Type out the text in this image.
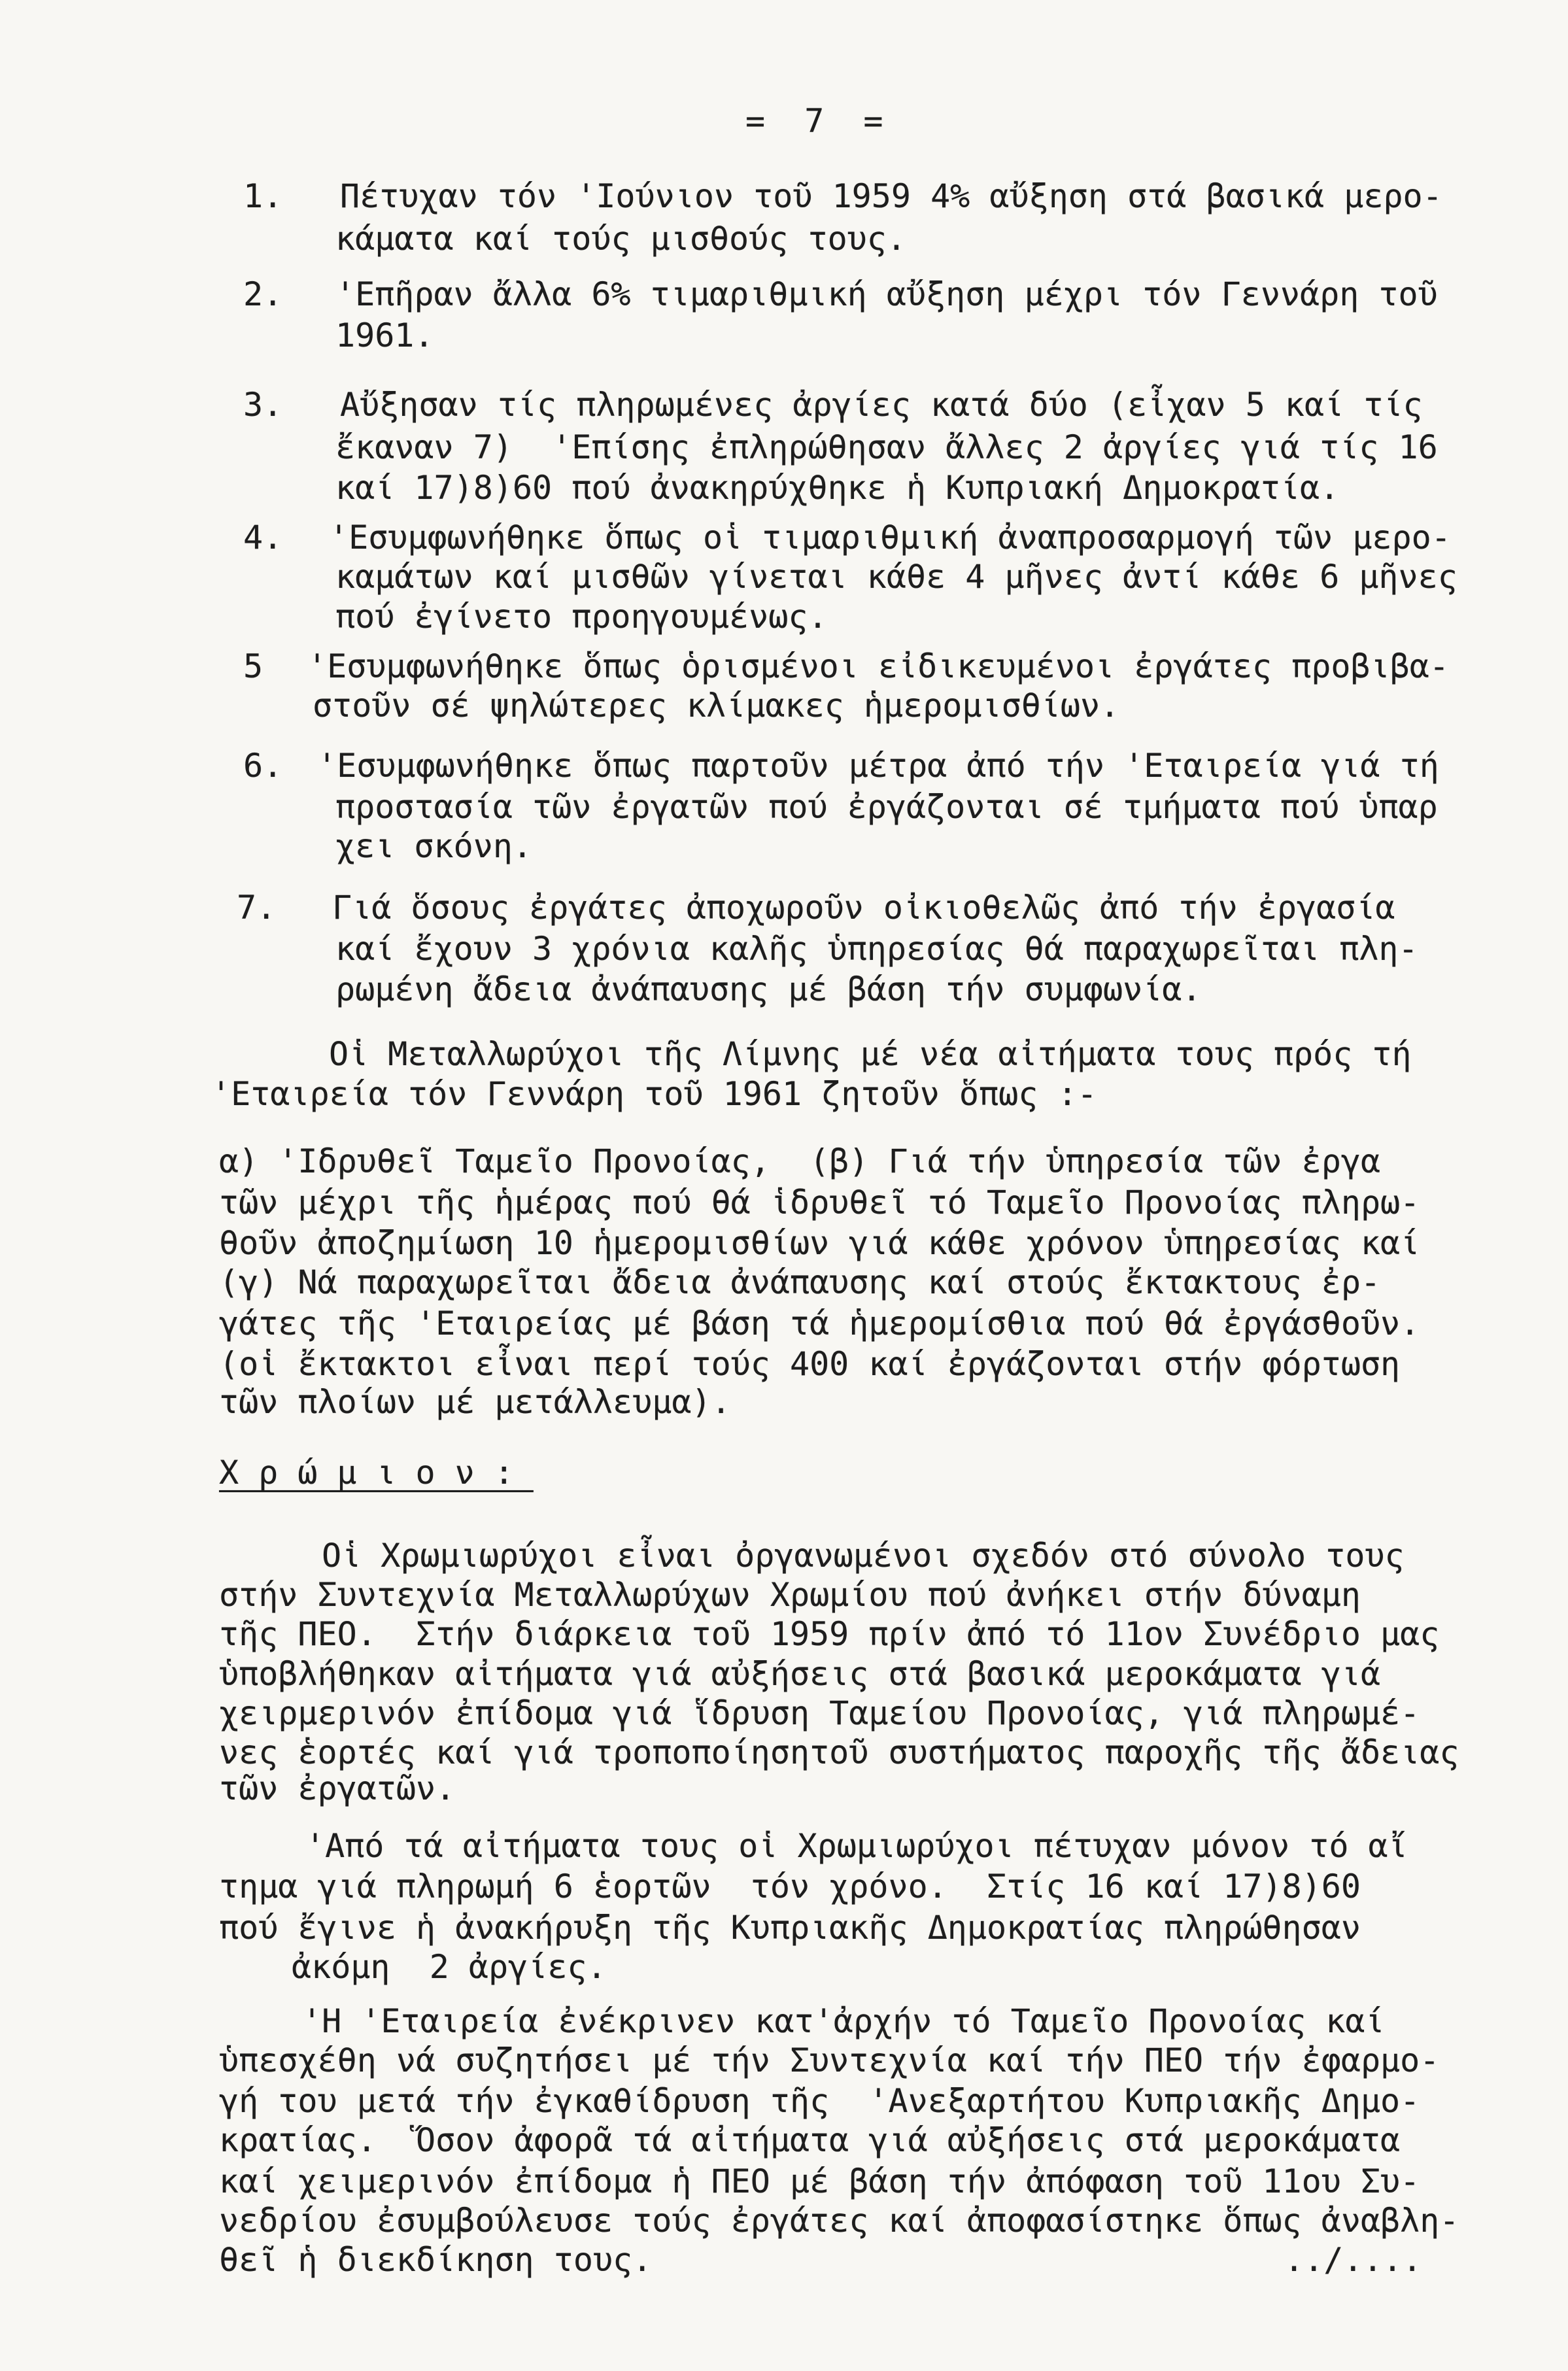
= 7 =
1. Πέτυχαν τόν 'Ιούνιον τοῦ 1959 4% αὔξηση στά βασικά μερο-
κάματα καί τούς μισθούς τους.
2. 'Επῆραν ἄλλα 6% τιμαριθμική αὔξηση μέχρι τόν Γεννάρη τοῦ
1961.
3. Αὔξησαν τίς πληρωμένες ἀργίες κατά δύο (εἶχαν 5 καί τίς
ἔκαναν 7)  'Επίσης ἐπληρώθησαν ἄλλες 2 ἀργίες γιά τίς 16
καί 17)8)60 πού ἀνακηρύχθηκε ἡ Κυπριακή Δημοκρατία.
4. 'Εσυμφωνήθηκε ὅπως οἱ τιμαριθμική ἀναπροσαρμογή τῶν μερο-
καμάτων καί μισθῶν γίνεται κάθε 4 μῆνες ἀντί κάθε 6 μῆνες
πού ἐγίνετο προηγουμένως.
5 'Εσυμφωνήθηκε ὅπως ὁρισμένοι εἰδικευμένοι ἐργάτες προβιβα-
στοῦν σέ ψηλώτερες κλίμακες ἡμερομισθίων.
6. 'Εσυμφωνήθηκε ὅπως παρτοῦν μέτρα ἀπό τήν 'Εταιρεία γιά τή
προστασία τῶν ἐργατῶν πού ἐργάζονται σέ τμήματα πού ὑπαρ
χει σκόνη.
7. Γιά ὅσους ἐργάτες ἀποχωροῦν οἰκιοθελῶς ἀπό τήν ἐργασία
καί ἔχουν 3 χρόνια καλῆς ὑπηρεσίας θά παραχωρεῖται πλη-
ρωμένη ἄδεια ἀνάπαυσης μέ βάση τήν συμφωνία.
Οἱ Μεταλλωρύχοι τῆς Λίμνης μέ νέα αἰτήματα τους πρός τή
'Εταιρεία τόν Γεννάρη τοῦ 1961 ζητοῦν ὅπως :-
α) 'Ιδρυθεῖ Ταμεῖο Προνοίας,  (β) Γιά τήν ὑπηρεσία τῶν ἐργα
τῶν μέχρι τῆς ἡμέρας πού θά ἱδρυθεῖ τό Ταμεῖο Προνοίας πληρω-
θοῦν ἀποζημίωση 10 ἡμερομισθίων γιά κάθε χρόνον ὑπηρεσίας καί
(γ) Νά παραχωρεῖται ἄδεια ἀνάπαυσης καί στούς ἔκτακτους ἐρ-
γάτες τῆς 'Εταιρείας μέ βάση τά ἡμερομίσθια πού θά ἐργάσθοῦν.
(οἱ ἔκτακτοι εἶναι περί τούς 400 καί ἐργάζονται στήν φόρτωση
τῶν πλοίων μέ μετάλλευμα).
Χρώμιον:
Οἱ Χρωμιωρύχοι εἶναι ὀργανωμένοι σχεδόν στό σύνολο τους
στήν Συντεχνία Μεταλλωρύχων Χρωμίου πού ἀνήκει στήν δύναμη
τῆς ΠΕΟ.  Στήν διάρκεια τοῦ 1959 πρίν ἀπό τό 11ον Συνέδριο μας
ὑποβλήθηκαν αἰτήματα γιά αὐξήσεις στά βασικά μεροκάματα γιά
χειρμερινόν ἐπίδομα γιά ἵδρυση Ταμείου Προνοίας, γιά πληρωμέ-
νες ἑορτές καί γιά τροποποίησητοῦ συστήματος παροχῆς τῆς ἄδειας
τῶν ἐργατῶν.
'Από τά αἰτήματα τους οἱ Χρωμιωρύχοι πέτυχαν μόνον τό αἴ
τημα γιά πληρωμή 6 ἑορτῶν  τόν χρόνο.  Στίς 16 καί 17)8)60
πού ἔγινε ἡ ἀνακήρυξη τῆς Κυπριακῆς Δημοκρατίας πληρώθησαν
ἀκόμη  2 ἀργίες.
'Η 'Εταιρεία ἐνέκρινεν κατ'ἀρχήν τό Ταμεῖο Προνοίας καί
ὑπεσχέθη νά συζητήσει μέ τήν Συντεχνία καί τήν ΠΕΟ τήν ἐφαρμο-
γή του μετά τήν ἐγκαθίδρυση τῆς  'Ανεξαρτήτου Κυπριακῆς Δημο-
κρατίας.  Ὅσον ἀφορᾶ τά αἰτήματα γιά αὐξήσεις στά μεροκάματα
καί χειμερινόν ἐπίδομα ἡ ΠΕΟ μέ βάση τήν ἀπόφαση τοῦ 11ου Συ-
νεδρίου ἐσυμβούλευσε τούς ἐργάτες καί ἀποφασίστηκε ὅπως ἀναβλη-
θεῖ ἡ διεκδίκηση τους.	../....
